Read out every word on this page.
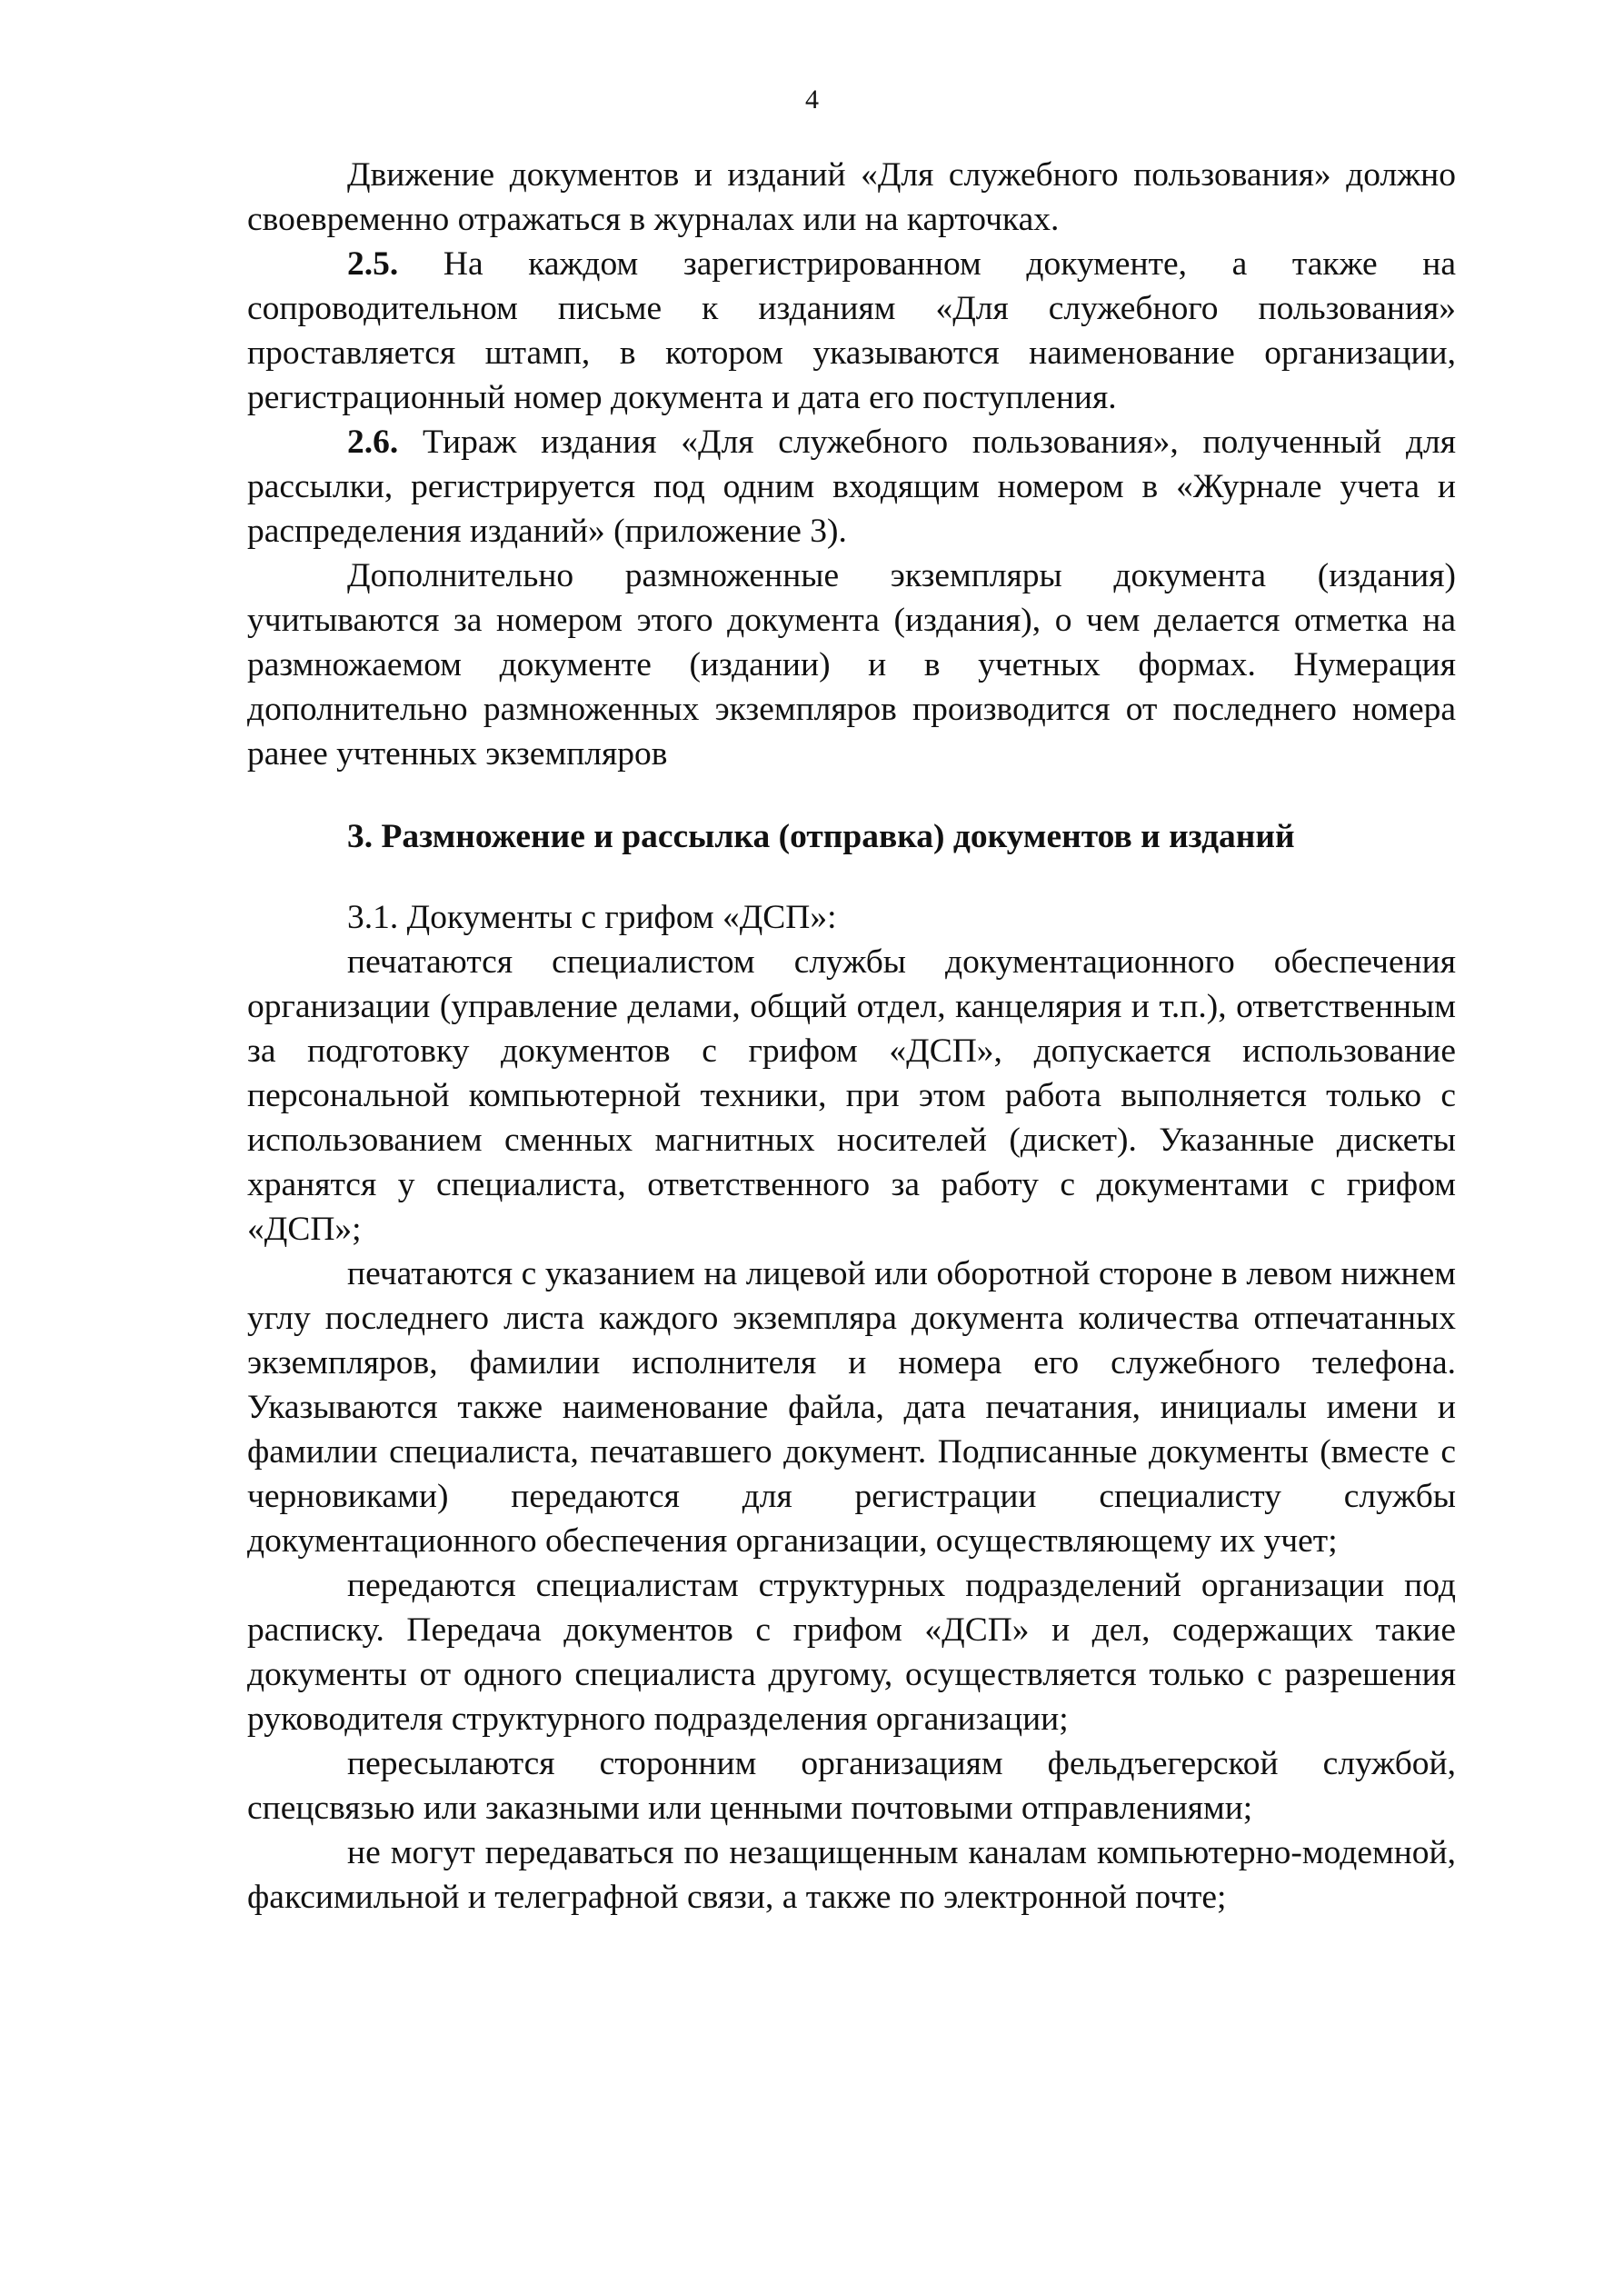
4

Движение документов и изданий «Для служебного пользования» должно своевременно отражаться в журналах или на карточках.

2.5. На каждом зарегистрированном документе, а также на сопроводительном письме к изданиям «Для служебного пользования» проставляется штамп, в котором указываются наименование организации, регистрационный номер документа и дата его поступления.

2.6. Тираж издания «Для служебного пользования», полученный для рассылки, регистрируется под одним входящим номером в «Журнале учета и распределения изданий» (приложение 3).

Дополнительно размноженные экземпляры документа (издания) учитываются за номером этого документа (издания), о чем делается отметка на размножаемом документе (издании) и в учетных формах. Нумерация дополнительно размноженных экземпляров производится от последнего номера ранее учтенных экземпляров

3. Размножение и рассылка (отправка) документов и изданий

3.1. Документы с грифом «ДСП»:

печатаются специалистом службы документационного обеспечения организации (управление делами, общий отдел, канцелярия и т.п.), ответственным за подготовку документов с грифом «ДСП», допускается использование персональной компьютерной техники, при этом работа выполняется только с использованием сменных магнитных носителей (дискет). Указанные дискеты хранятся у специалиста, ответственного за работу с документами с грифом «ДСП»;

печатаются с указанием на лицевой или оборотной стороне в левом нижнем углу последнего листа каждого экземпляра документа количества отпечатанных экземпляров, фамилии исполнителя и номера его служебного телефона. Указываются также наименование файла, дата печатания, инициалы имени и фамилии специалиста, печатавшего документ. Подписанные документы (вместе с черновиками) передаются для регистрации специалисту службы документационного обеспечения организации, осуществляющему их учет;

передаются специалистам структурных подразделений организации под расписку. Передача документов с грифом «ДСП» и дел, содержащих такие документы от одного специалиста другому, осуществляется только с разрешения руководителя структурного подразделения организации;

пересылаются сторонним организациям фельдъегерской службой, спецсвязью или заказными или ценными почтовыми отправлениями;

не могут передаваться по незащищенным каналам компьютерно-модемной, факсимильной и телеграфной связи, а также по электронной почте;
